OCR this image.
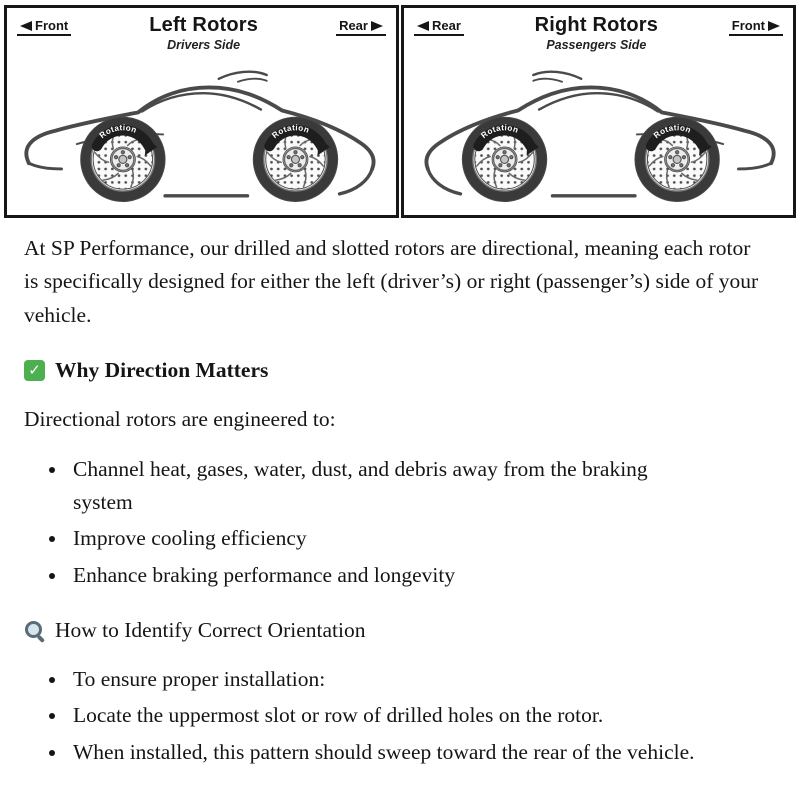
Front	Left Rotors
Drivers Side
Rear	Rear	Right Rotors
Passengers Side
Front

At SP Performance, our drilled and slotted rotors are directional, meaning each rotor is specifically designed for either the left (driver’s) or right (passenger’s) side of your vehicle.

✓
Why Direction Matters

Directional rotors are engineered to:

• Channel heat, gases, water, dust, and debris away from the braking system
• Improve cooling efficiency
• Enhance braking performance and longevity
How to Identify Correct Orientation
• To ensure proper installation:
• Locate the uppermost slot or row of drilled holes on the rotor.
• When installed, this pattern should sweep toward the rear of the vehicle.
